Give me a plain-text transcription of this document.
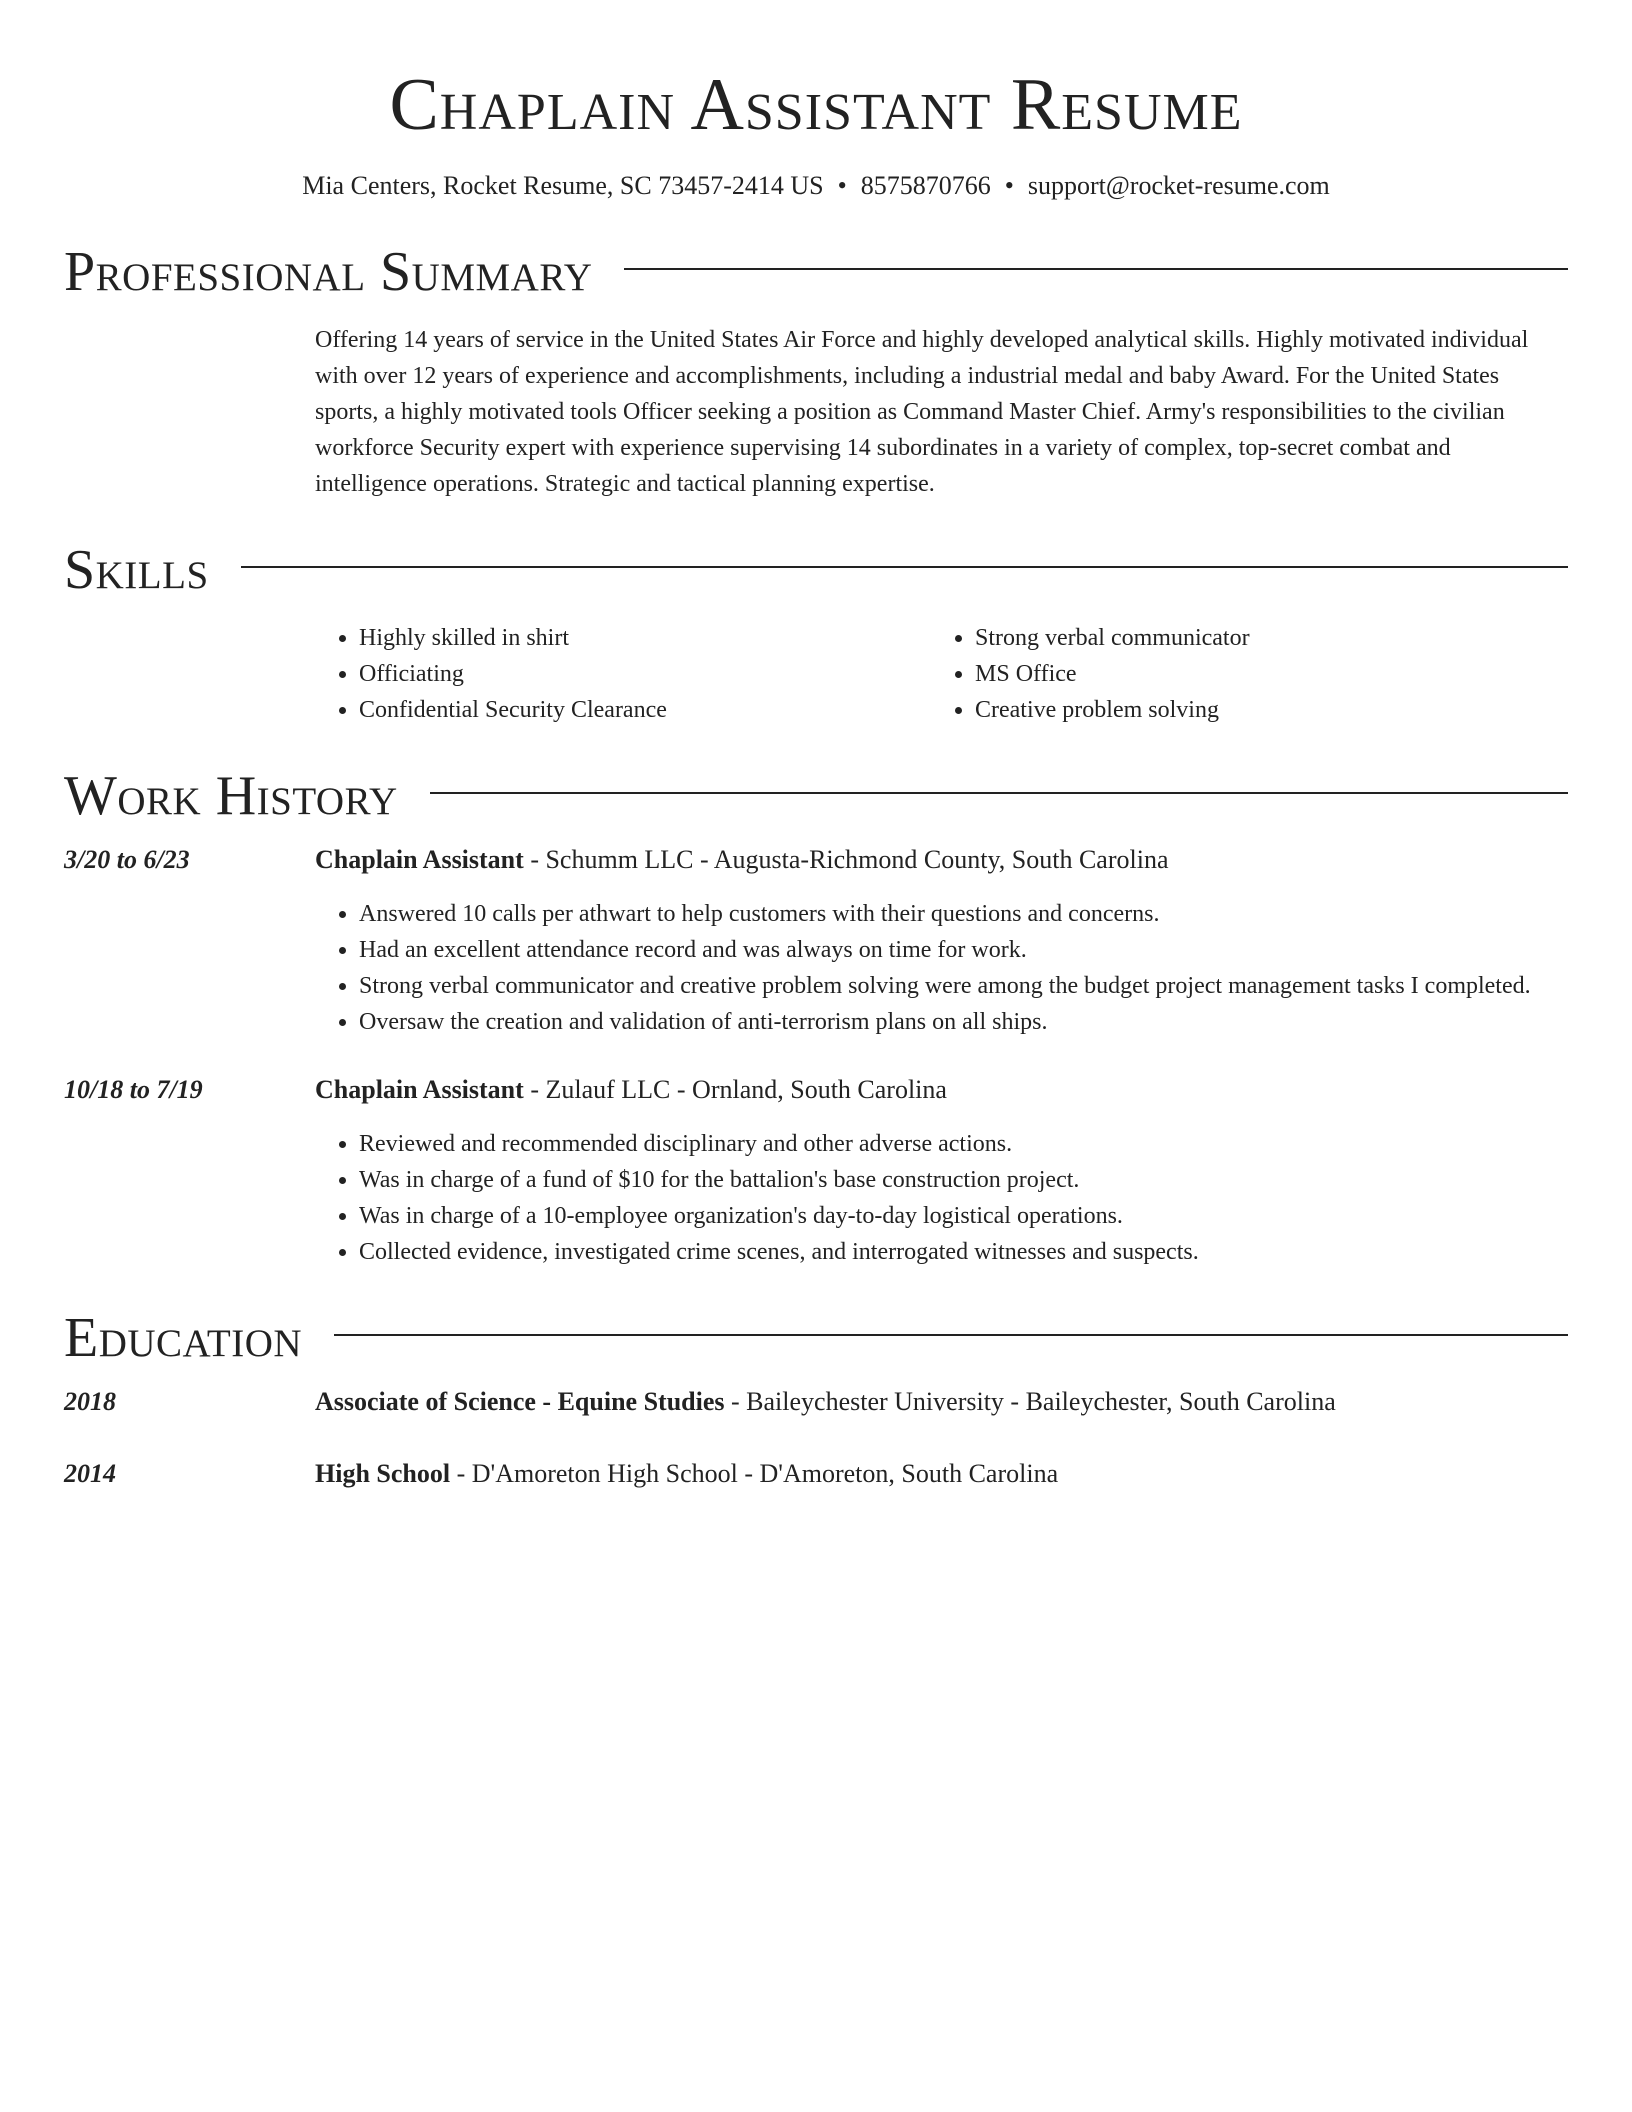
Chaplain Assistant Resume
Mia Centers, Rocket Resume, SC 73457-2414 US • 8575870766 • support@rocket-resume.com
Professional Summary

Offering 14 years of service in the United States Air Force and highly developed analytical skills. Highly motivated individual with over 12 years of experience and accomplishments, including a industrial medal and baby Award. For the United States sports, a highly motivated tools Officer seeking a position as Command Master Chief. Army's responsibilities to the civilian workforce Security expert with experience supervising 14 subordinates in a variety of complex, top-secret combat and intelligence operations. Strategic and tactical planning expertise.

Skills
• Highly skilled in shirt
• Officiating
• Confidential Security Clearance
• Strong verbal communicator
• MS Office
• Creative problem solving
Work History
3/20 to 6/23	Chaplain Assistant - Schumm LLC - Augusta-Richmond County, South Carolina
• Answered 10 calls per athwart to help customers with their questions and concerns.
• Had an excellent attendance record and was always on time for work.
• Strong verbal communicator and creative problem solving were among the budget project management tasks I completed.
• Oversaw the creation and validation of anti-terrorism plans on all ships.
10/18 to 7/19	Chaplain Assistant - Zulauf LLC - Ornland, South Carolina
• Reviewed and recommended disciplinary and other adverse actions.
• Was in charge of a fund of $10 for the battalion's base construction project.
• Was in charge of a 10-employee organization's day-to-day logistical operations.
• Collected evidence, investigated crime scenes, and interrogated witnesses and suspects.
Education
2018	Associate of Science - Equine Studies - Baileychester University - Baileychester, South Carolina
2014	High School - D'Amoreton High School - D'Amoreton, South Carolina
